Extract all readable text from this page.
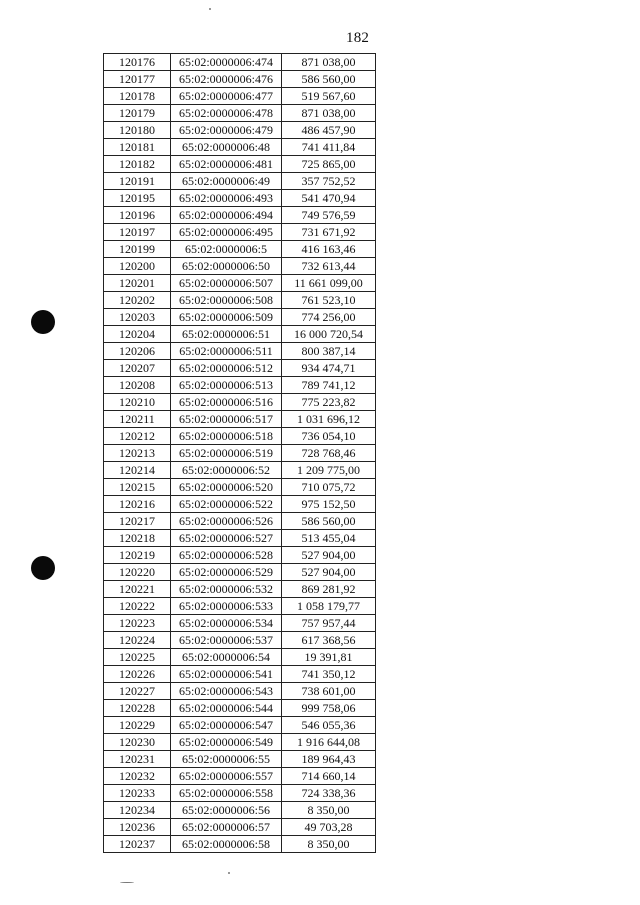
182
120176	65:02:0000006:474	871 038,00
120177	65:02:0000006:476	586 560,00
120178	65:02:0000006:477	519 567,60
120179	65:02:0000006:478	871 038,00
120180	65:02:0000006:479	486 457,90
120181	65:02:0000006:48	741 411,84
120182	65:02:0000006:481	725 865,00
120191	65:02:0000006:49	357 752,52
120195	65:02:0000006:493	541 470,94
120196	65:02:0000006:494	749 576,59
120197	65:02:0000006:495	731 671,92
120199	65:02:0000006:5	416 163,46
120200	65:02:0000006:50	732 613,44
120201	65:02:0000006:507	11 661 099,00
120202	65:02:0000006:508	761 523,10
120203	65:02:0000006:509	774 256,00
120204	65:02:0000006:51	16 000 720,54
120206	65:02:0000006:511	800 387,14
120207	65:02:0000006:512	934 474,71
120208	65:02:0000006:513	789 741,12
120210	65:02:0000006:516	775 223,82
120211	65:02:0000006:517	1 031 696,12
120212	65:02:0000006:518	736 054,10
120213	65:02:0000006:519	728 768,46
120214	65:02:0000006:52	1 209 775,00
120215	65:02:0000006:520	710 075,72
120216	65:02:0000006:522	975 152,50
120217	65:02:0000006:526	586 560,00
120218	65:02:0000006:527	513 455,04
120219	65:02:0000006:528	527 904,00
120220	65:02:0000006:529	527 904,00
120221	65:02:0000006:532	869 281,92
120222	65:02:0000006:533	1 058 179,77
120223	65:02:0000006:534	757 957,44
120224	65:02:0000006:537	617 368,56
120225	65:02:0000006:54	19 391,81
120226	65:02:0000006:541	741 350,12
120227	65:02:0000006:543	738 601,00
120228	65:02:0000006:544	999 758,06
120229	65:02:0000006:547	546 055,36
120230	65:02:0000006:549	1 916 644,08
120231	65:02:0000006:55	189 964,43
120232	65:02:0000006:557	714 660,14
120233	65:02:0000006:558	724 338,36
120234	65:02:0000006:56	8 350,00
120236	65:02:0000006:57	49 703,28
120237	65:02:0000006:58	8 350,00
